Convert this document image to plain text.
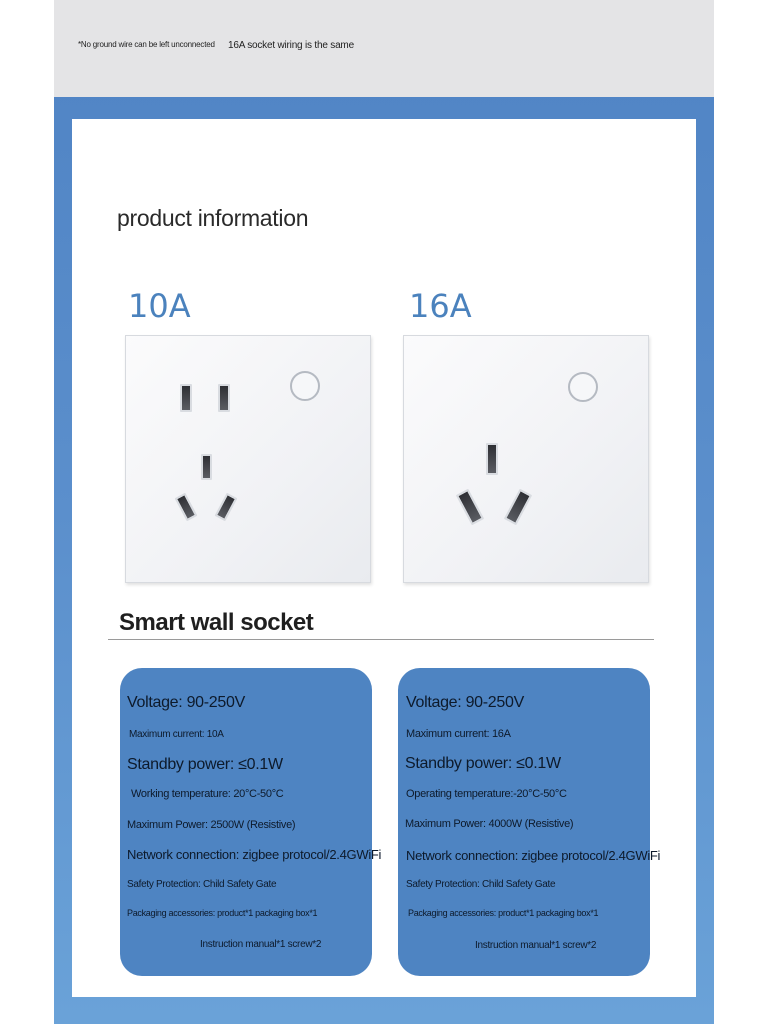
*No ground wire can be left unconnected 16A socket wiring is the same
product information
10A	16A
Smart wall socket
Voltage: 90-250V
Maximum current: 10A
Standby power: ≤0.1W
Working temperature: 20°C-50°C
Maximum Power: 2500W (Resistive)
Network connection: zigbee protocol/2.4GWiFi
Safety Protection: Child Safety Gate
Packaging accessories: product*1 packaging box*1
Instruction manual*1 screw*2
Voltage: 90-250V
Maximum current: 16A
Standby power: ≤0.1W
Operating temperature:-20°C-50°C
Maximum Power: 4000W (Resistive)
Network connection: zigbee protocol/2.4GWiFi
Safety Protection: Child Safety Gate
Packaging accessories: product*1 packaging box*1
Instruction manual*1 screw*2
